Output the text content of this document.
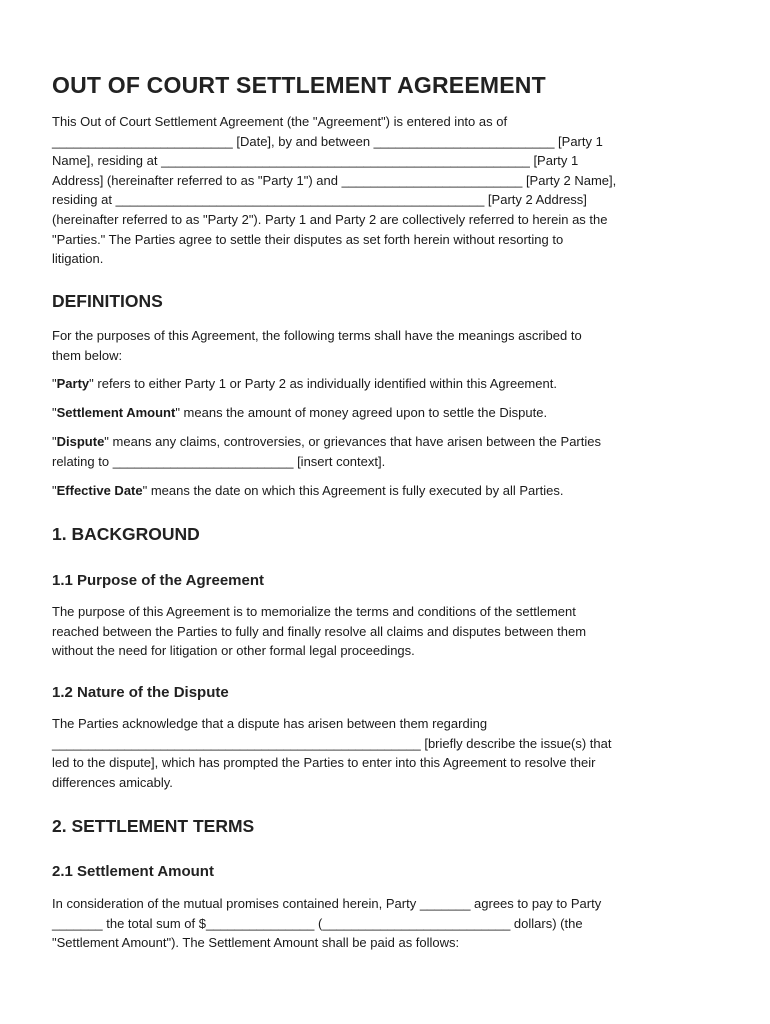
OUT OF COURT SETTLEMENT AGREEMENT

This Out of Court Settlement Agreement (the "Agreement") is entered into as of
_________________________ [Date], by and between _________________________ [Party 1
Name], residing at ___________________________________________________ [Party 1
Address] (hereinafter referred to as "Party 1") and _________________________ [Party 2 Name],
residing at ___________________________________________________ [Party 2 Address]
(hereinafter referred to as "Party 2"). Party 1 and Party 2 are collectively referred to herein as the
"Parties." The Parties agree to settle their disputes as set forth herein without resorting to
litigation.

DEFINITIONS

For the purposes of this Agreement, the following terms shall have the meanings ascribed to
them below:

"Party" refers to either Party 1 or Party 2 as individually identified within this Agreement.

"Settlement Amount" means the amount of money agreed upon to settle the Dispute.

"Dispute" means any claims, controversies, or grievances that have arisen between the Parties
relating to _________________________ [insert context].

"Effective Date" means the date on which this Agreement is fully executed by all Parties.

1. BACKGROUND
1.1 Purpose of the Agreement

The purpose of this Agreement is to memorialize the terms and conditions of the settlement
reached between the Parties to fully and finally resolve all claims and disputes between them
without the need for litigation or other formal legal proceedings.

1.2 Nature of the Dispute

The Parties acknowledge that a dispute has arisen between them regarding
___________________________________________________ [briefly describe the issue(s) that
led to the dispute], which has prompted the Parties to enter into this Agreement to resolve their
differences amicably.

2. SETTLEMENT TERMS
2.1 Settlement Amount

In consideration of the mutual promises contained herein, Party _______ agrees to pay to Party
_______ the total sum of $_______________ (__________________________ dollars) (the
"Settlement Amount"). The Settlement Amount shall be paid as follows:
